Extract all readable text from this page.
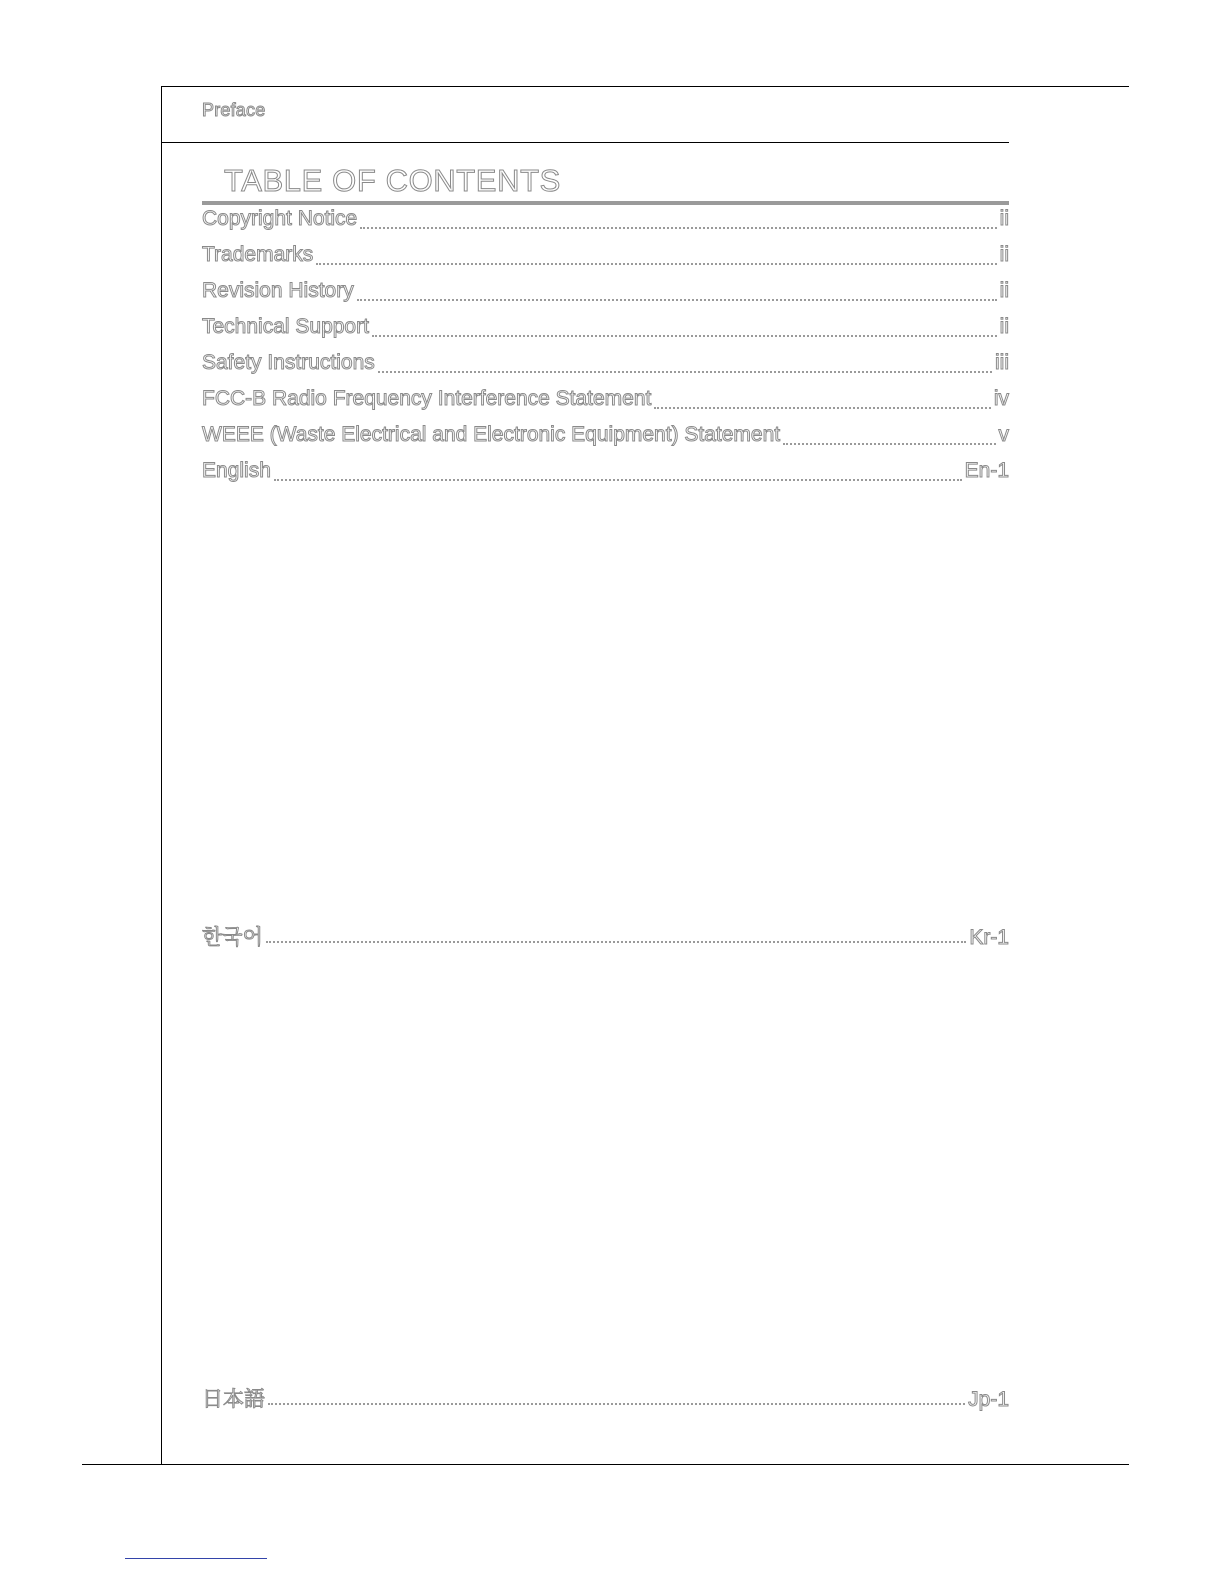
Preface
TABLE OF CONTENTS
Copyright Notice	ii
Trademarks	ii
Revision History	ii
Technical Support	ii
Safety Instructions	iii
FCC-B Radio Frequency Interference Statement	iv
WEEE (Waste Electrical and Electronic Equipment) Statement	v
English	En-1
한국어	Kr-1
日本語	Jp-1
